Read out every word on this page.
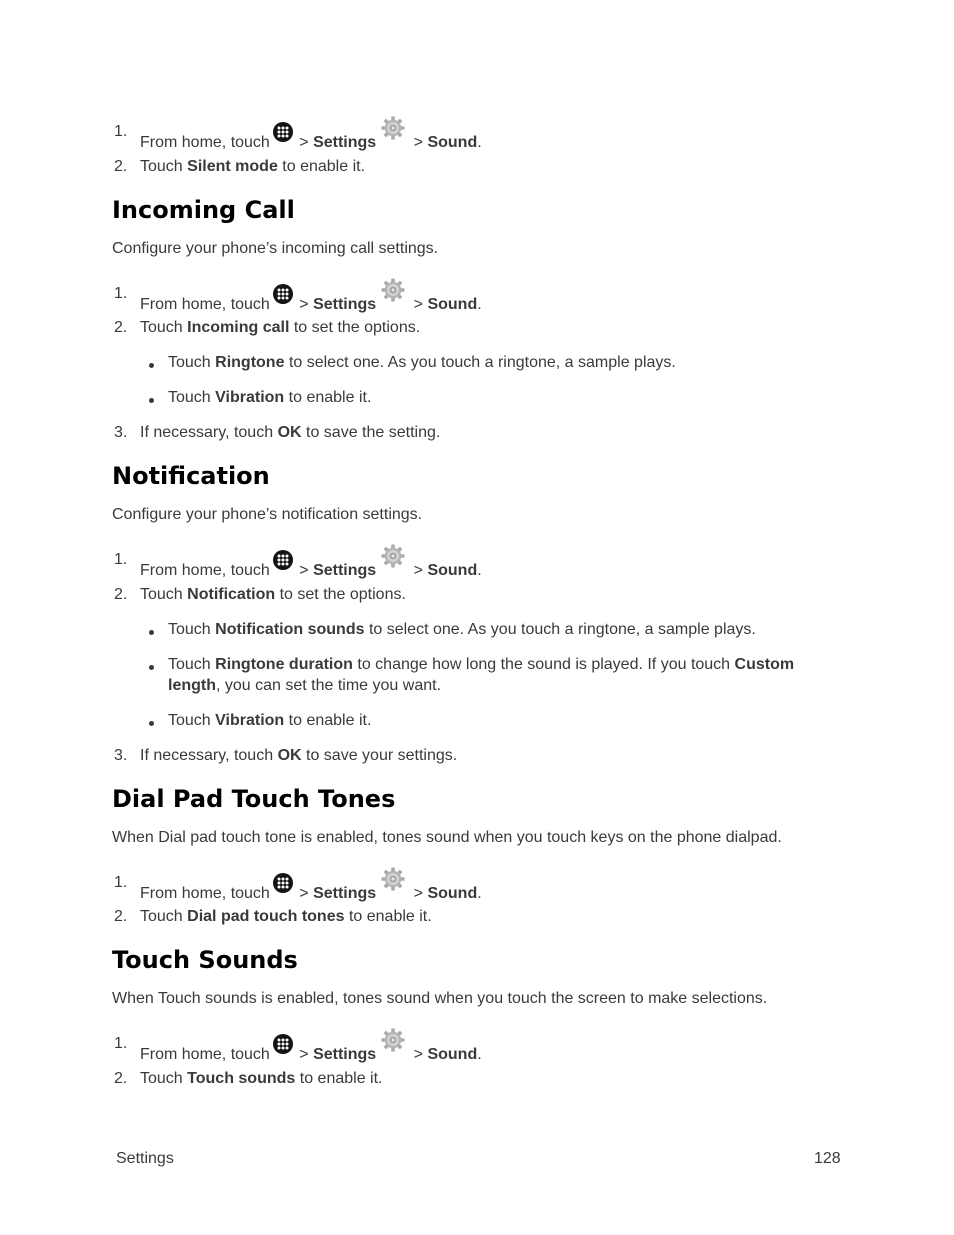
1.
From home, touch > Settings > Sound.
2. Touch Silent mode to enable it.
Incoming Call
Configure your phone’s incoming call settings.
1.
From home, touch > Settings > Sound.
2. Touch Incoming call to set the options.
Touch Ringtone to select one. As you touch a ringtone, a sample plays.
Touch Vibration to enable it.
3. If necessary, touch OK to save the setting.
Notification
Configure your phone’s notification settings.
1.
From home, touch > Settings > Sound.
2. Touch Notification to set the options.
Touch Notification sounds to select one. As you touch a ringtone, a sample plays.
Touch Ringtone duration to change how long the sound is played. If you touch Custom
length, you can set the time you want.
Touch Vibration to enable it.
3. If necessary, touch OK to save your settings.
Dial Pad Touch Tones
When Dial pad touch tone is enabled, tones sound when you touch keys on the phone dialpad.
1.
From home, touch > Settings > Sound.
2. Touch Dial pad touch tones to enable it.
Touch Sounds
When Touch sounds is enabled, tones sound when you touch the screen to make selections.
1.
From home, touch > Settings > Sound.
2. Touch Touch sounds to enable it.
Settings	128
